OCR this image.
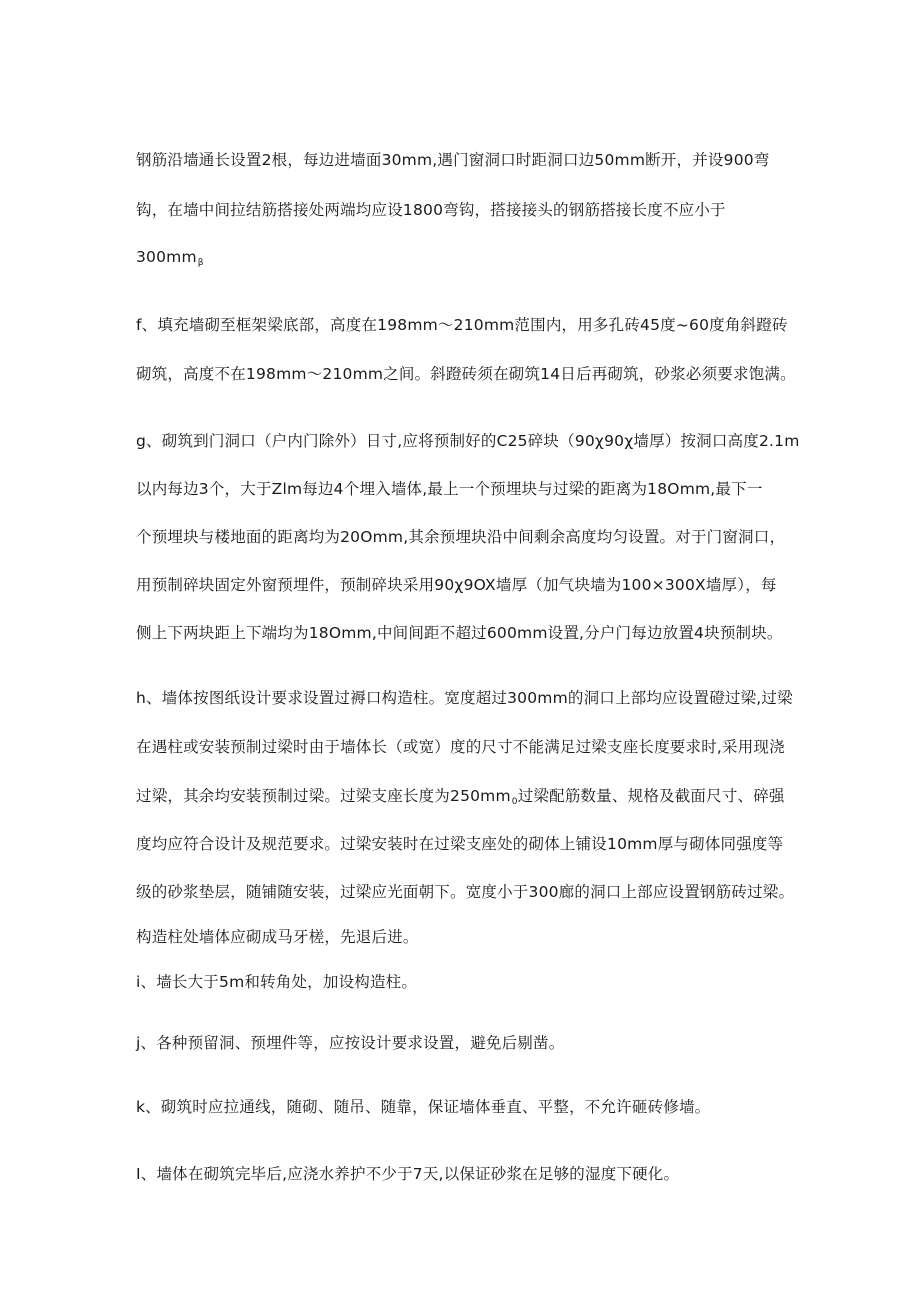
钢筋沿墙通长设置2根，每边进墙面30mm,遇门窗洞口时距洞口边50mm断开，并设900弯

钩，在墙中间拉结筋搭接处两端均应设1800弯钩，搭接接头的钢筋搭接长度不应小于

$300mm_\beta$

f、填充墙砌至框架梁底部，高度在198mm～210mm范围内，用多孔砖45度~60度角斜蹬砖

砌筑，高度不在198mm～210mm之间。斜蹬砖须在砌筑14日后再砌筑，砂浆必须要求饱满。

g、砌筑到门洞口（户内门除外）日寸,应将预制好的C25碎块（90χ90χ墙厚）按洞口高度2.1m

以内每边3个，大于Zlm每边4个埋入墙体,最上一个预埋块与过梁的距离为18Omm,最下一

个预埋块与楼地面的距离均为20Omm,其余预埋块沿中间剩余高度均匀设置。对于门窗洞口，

用预制碎块固定外窗预埋件，预制碎块采用90χ9OX墙厚（加气块墙为100×300X墙厚），每

侧上下两块距上下端均为18Omm,中间间距不超过600mm设置,分户门每边放置4块预制块。

h、墙体按图纸设计要求设置过褥口构造柱。宽度超过300mm的洞口上部均应设置磴过梁,过梁

在遇柱或安装预制过梁时由于墙体长（或宽）度的尺寸不能满足过梁支座长度要求时,采用现浇

过梁，其余均安装预制过梁。过梁支座长度为$250mm_0$过梁配筋数量、规格及截面尺寸、碎强

度均应符合设计及规范要求。过梁安装时在过梁支座处的砌体上铺设10mm厚与砌体同强度等

级的砂浆垫层，随铺随安装，过梁应光面朝下。宽度小于300廊的洞口上部应设置钢筋砖过梁。

构造柱处墙体应砌成马牙槎，先退后进。

i、墙长大于5m和转角处，加设构造柱。

j、各种预留洞、预埋件等，应按设计要求设置，避免后剔凿。

k、砌筑时应拉通线，随砌、随吊、随靠，保证墙体垂直、平整，不允许砸砖修墙。

I、墙体在砌筑完毕后,应浇水养护不少于7天,以保证砂浆在足够的湿度下硬化。
